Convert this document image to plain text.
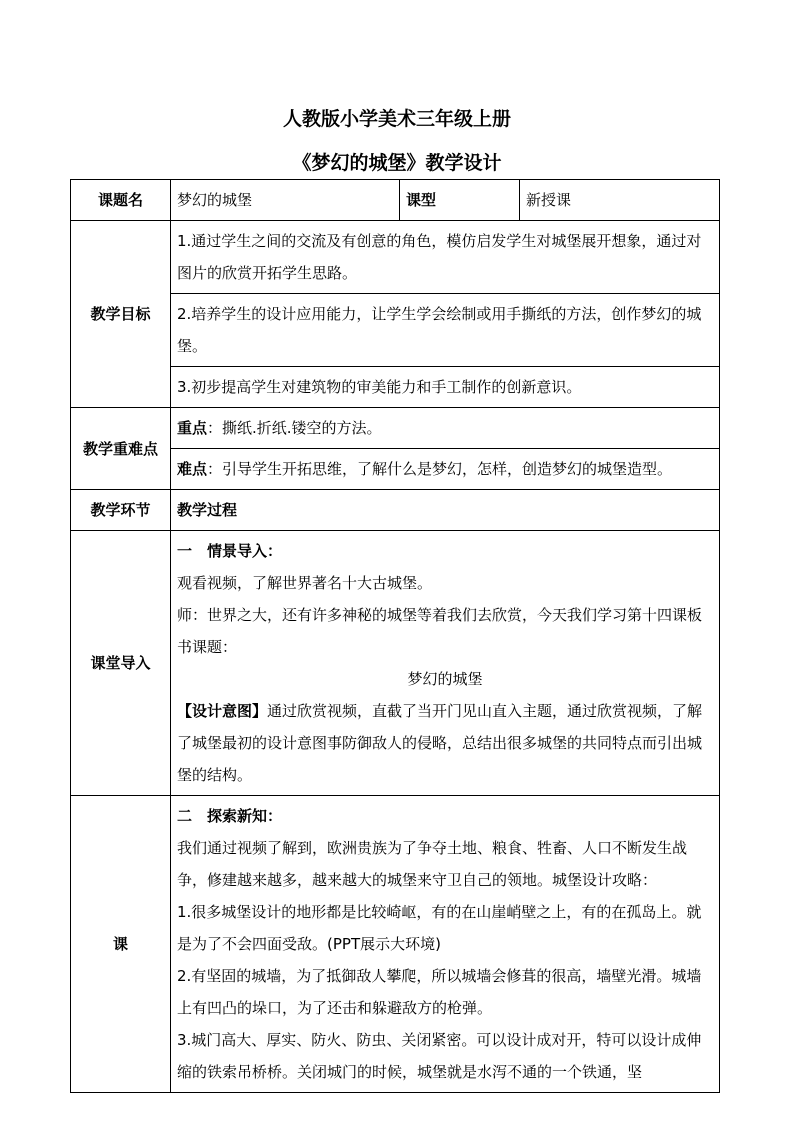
人教版小学美术三年级上册
《梦幻的城堡》教学设计
课题名	梦幻的城堡	课型	新授课
教学目标	1.通过学生之间的交流及有创意的角色，模仿启发学生对城堡展开想象，通过对图片的欣赏开拓学生思路。		
	2.培养学生的设计应用能力，让学生学会绘制或用手撕纸的方法，创作梦幻的城堡。		
	3.初步提高学生对建筑物的审美能力和手工制作的创新意识。		
教学重难点	重点：撕纸.折纸.镂空的方法。		
	难点：引导学生开拓思维，了解什么是梦幻，怎样，创造梦幻的城堡造型。		
教学环节	教学过程		
课堂导入	一　情景导入：
观看视频，了解世界著名十大古城堡。
师：世界之大，还有许多神秘的城堡等着我们去欣赏，今天我们学习第十四课板书课题：
梦幻的城堡
【设计意图】通过欣赏视频，直截了当开门见山直入主题，通过欣赏视频，了解了城堡最初的设计意图事防御敌人的侵略，总结出很多城堡的共同特点而引出城堡的结构。		

课	二　探索新知：
我们通过视频了解到，欧洲贵族为了争夺土地、粮食、牲畜、人口不断发生战争，修建越来越多，越来越大的城堡来守卫自己的领地。城堡设计攻略：
1.很多城堡设计的地形都是比较崎岖，有的在山崖峭壁之上，有的在孤岛上。就是为了不会四面受敌。(PPT展示大环境)
2.有坚固的城墙，为了抵御敌人攀爬，所以城墙会修葺的很高，墙壁光滑。城墙上有凹凸的垛口，为了还击和躲避敌方的枪弹。
3.城门高大、厚实、防火、防虫、关闭紧密。可以设计成对开，特可以设计成伸缩的铁索吊桥桥。关闭城门的时候，城堡就是水泻不通的一个铁通，坚		
